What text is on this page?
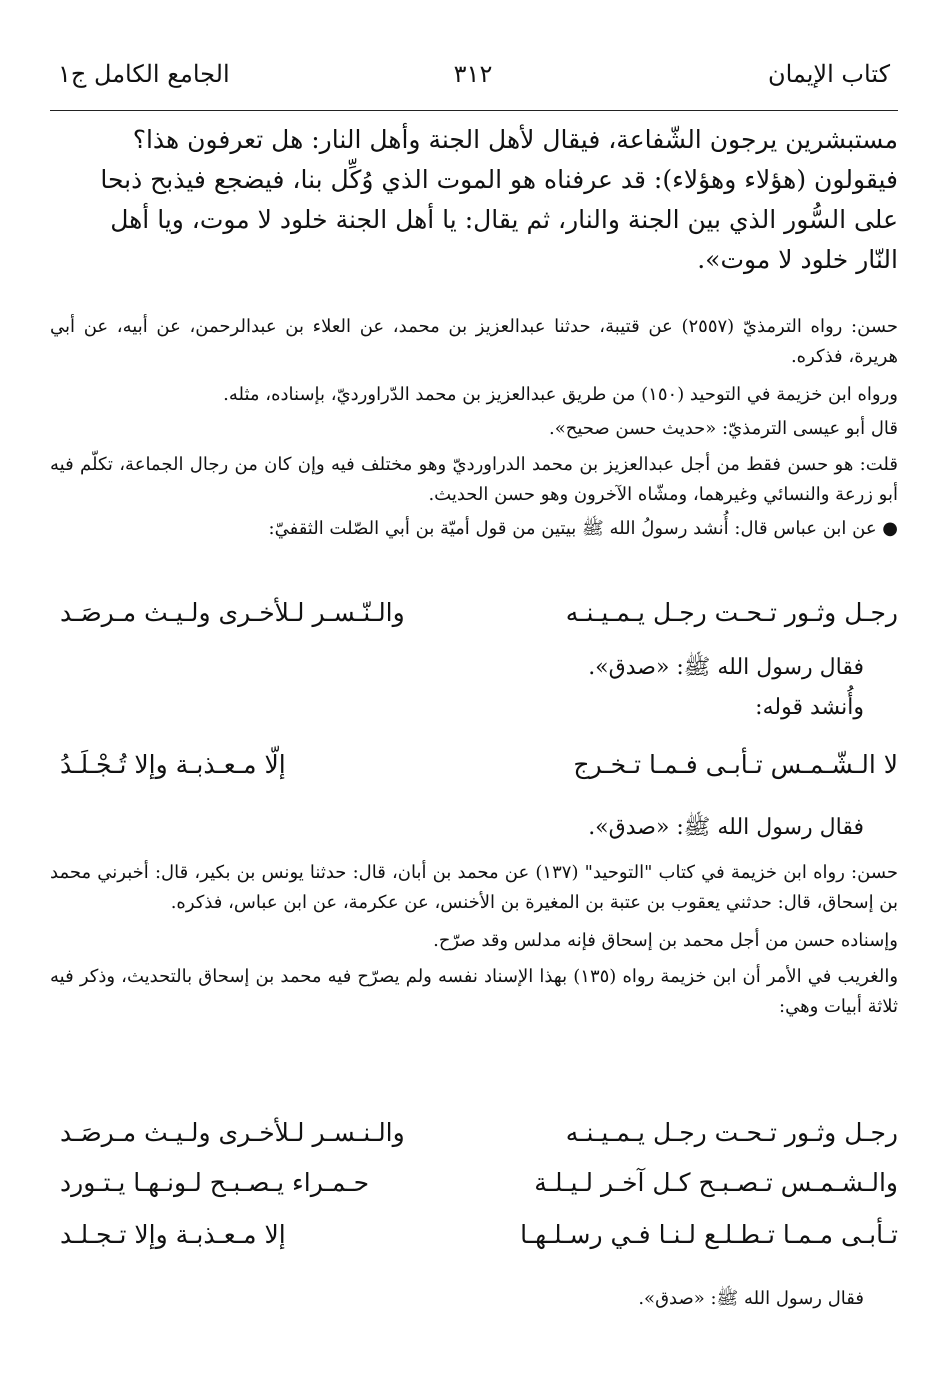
كتاب الإيمان
٣١٢
الجامع الكامل ج١

مستبشرين يرجون الشّفاعة، فيقال لأهل الجنة وأهل النار: هل تعرفون هذا؟

فيقولون (هؤلاء وهؤلاء): قد عرفناه هو الموت الذي وُكِّل بنا، فيضجع فيذبح ذبحا

على السُّور الذي بين الجنة والنار، ثم يقال: يا أهل الجنة خلود لا موت، ويا أهل

النّار خلود لا موت».

حسن: رواه الترمذيّ (٢٥٥٧) عن قتيبة، حدثنا عبدالعزيز بن محمد، عن العلاء بن عبدالرحمن، عن أبيه، عن أبي هريرة، فذكره.

ورواه ابن خزيمة في التوحيد (١٥٠) من طريق عبدالعزيز بن محمد الدّراورديّ، بإسناده، مثله.

قال أبو عيسى الترمذيّ: «حديث حسن صحيح».

قلت: هو حسن فقط من أجل عبدالعزيز بن محمد الدراورديّ وهو مختلف فيه وإن كان من رجال الجماعة، تكلّم فيه أبو زرعة والنسائي وغيرهما، ومشّاه الآخرون وهو حسن الحديث.

● عن ابن عباس قال: أُنشد رسولُ الله ﷺ بيتين من قول أميّة بن أبي الصّلت الثقفيّ:

رجـل وثـور تـحـت رجـل يـمـيـنـه
والـنّـسـر لـلأخـرى ولـيـث مـرصَـد

فقال رسول الله ﷺ: «صدق».

وأُنشد قوله:

لا الـشّـمـس تـأبـى فـمـا تـخـرج
إلّا مـعـذبـة وإلا تُـجْـلَـدُ

فقال رسول الله ﷺ: «صدق».

حسن: رواه ابن خزيمة في كتاب "التوحيد" (١٣٧) عن محمد بن أبان، قال: حدثنا يونس بن بكير، قال: أخبرني محمد بن إسحاق، قال: حدثني يعقوب بن عتبة بن المغيرة بن الأخنس، عن عكرمة، عن ابن عباس، فذكره.

وإسناده حسن من أجل محمد بن إسحاق فإنه مدلس وقد صرّح.

والغريب في الأمر أن ابن خزيمة رواه (١٣٥) بهذا الإسناد نفسه ولم يصرّح فيه محمد بن إسحاق بالتحديث، وذكر فيه ثلاثة أبيات وهي:

رجـل وثـور تـحـت رجـل يـمـيـنـه
والـنـسـر لـلأخـرى ولـيـث مـرصَـد
والـشـمـس تـصـبـح كـل آخـر لـيـلـة
حـمـراء يـصـبـح لـونـهـا يـتـورد
تـأبـى مـمـا تـطـلـع لـنـا فـي رسـلـهـا
إلا مـعـذبـة وإلا تـجـلـد

فقال رسول الله ﷺ: «صدق».
